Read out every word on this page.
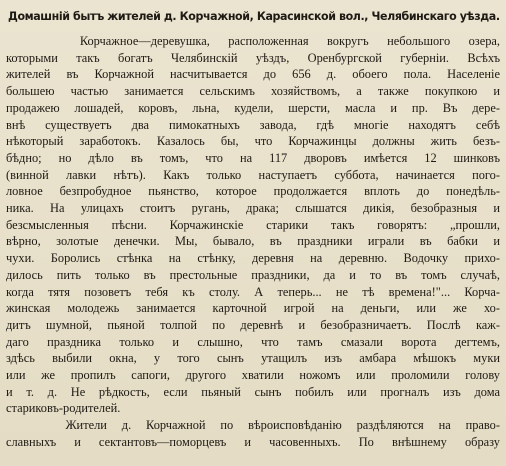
Домашній бытъ жителей д. Корчажной, Карасинской вол., Челябинскаго уѣзда.
Корчажное—деревушка, расположенная вокругъ небольшого озера,
которыми такъ богатъ Челябинскій уѣздъ, Оренбургской губерніи. Всѣхъ
жителей въ Корчажной насчитывается до 656 д. обоего пола. Населеніе
большею частью занимается сельскимъ хозяйствомъ, а также покупкою и
продажею лошадей, коровъ, льна, кудели, шерсти, масла и пр. Въ дере-
внѣ существуетъ два пимокатныхъ завода, гдѣ многіе находятъ себѣ
нѣкоторый заработокъ. Казалось бы, что Корчажинцы должны жить безъ-
бѣдно; но дѣло въ томъ, что на 117 дворовъ имѣется 12 шинковъ
(винной лавки нѣтъ). Какъ только наступаетъ суббота, начинается пого-
ловное безпробудное пьянство, которое продолжается вплоть до понедѣль-
ника. На улицахъ стоитъ ругань, драка; слышатся дикія, безобразныя и
безсмысленныя пѣсни. Корчажинскіе старики такъ говорятъ: „прошли,
вѣрно, золотые денечки. Мы, бывало, въ праздники играли въ бабки и
чухи. Боролись стѣнка на стѣнку, деревня на деревню. Водочку прихо-
дилось пить только въ престольные праздники, да и то въ томъ случаѣ,
когда тятя позоветъ тебя къ столу. А теперь... не тѣ времена!"... Корча-
жинская молодежь занимается карточной игрой на деньги, или же хо-
дитъ шумной, пьяной толпой по деревнѣ и безобразничаетъ. Послѣ каж-
даго праздника только и слышно, что тамъ смазали ворота дегтемъ,
здѣсь выбили окна, у того сынъ утащилъ изъ амбара мѣшокъ муки
или же пропилъ сапоги, другого хватили ножомъ или проломили голову
и т. д. Не рѣдкость, если пьяный сынъ побилъ или прогналъ изъ дома
стариковъ-родителей.
Жители д. Корчажной по вѣроисповѣданію раздѣляются на право-
славныхъ и сектантовъ—поморцевъ и часовенныхъ. По внѣшнему образу
